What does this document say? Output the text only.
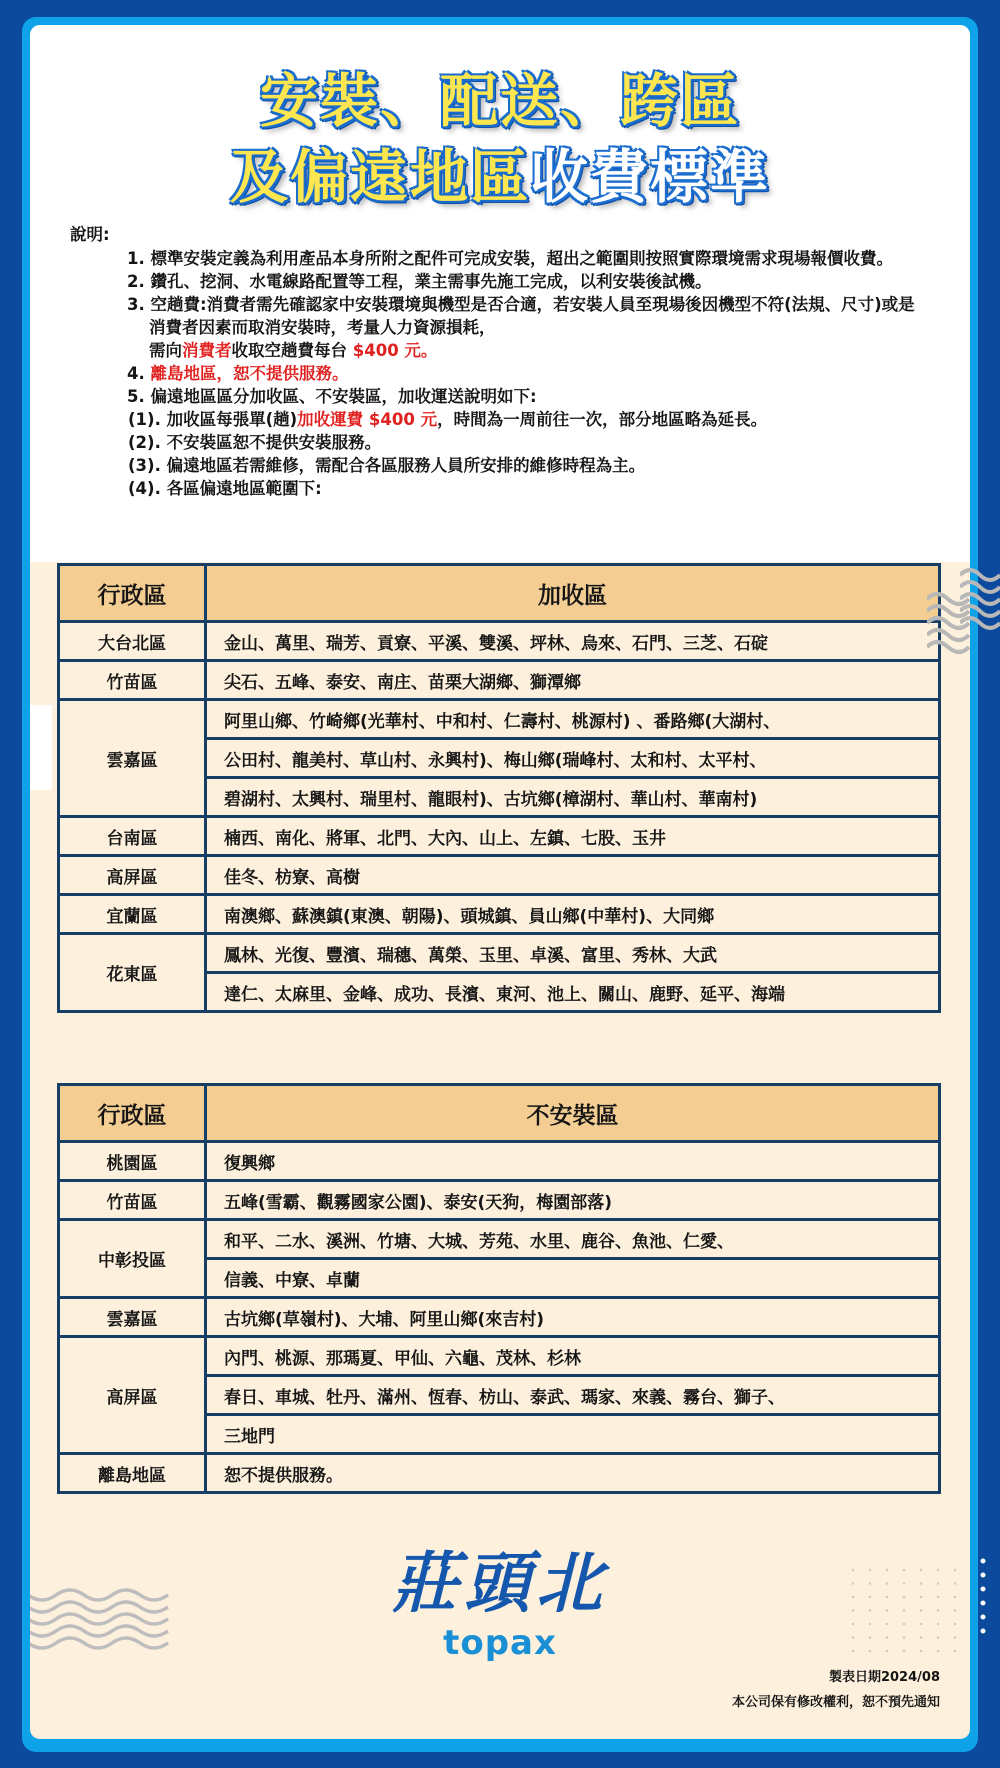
安裝、配送、跨區
及偏遠地區收費標準
說明:
1. 標準安裝定義為利用產品本身所附之配件可完成安裝，超出之範圍則按照實際環境需求現場報價收費。
2. 鑽孔、挖洞、水電線路配置等工程，業主需事先施工完成，以利安裝後試機。
3. 空趟費:消費者需先確認家中安裝環境與機型是否合適，若安裝人員至現場後因機型不符(法規、尺寸)或是消費者因素而取消安裝時，考量人力資源損耗，
需向消費者收取空趟費每台 $400 元。
4. 離島地區，恕不提供服務。
5. 偏遠地區區分加收區、不安裝區，加收運送說明如下:
(1). 加收區每張單(趟)加收運費 $400 元，時間為一周前往一次，部分地區略為延長。
(2). 不安裝區恕不提供安裝服務。
(3). 偏遠地區若需維修，需配合各區服務人員所安排的維修時程為主。
(4). 各區偏遠地區範圍下:
行政區	加收區
大台北區	金山、萬里、瑞芳、貢寮、平溪、雙溪、坪林、烏來、石門、三芝、石碇
竹苗區	尖石、五峰、泰安、南庄、苗栗大湖鄉、獅潭鄉
雲嘉區	阿里山鄉、竹崎鄉(光華村、中和村、仁壽村、桃源村) 、番路鄉(大湖村、
	公田村、龍美村、草山村、永興村)、梅山鄉(瑞峰村、太和村、太平村、
	碧湖村、太興村、瑞里村、龍眼村)、古坑鄉(樟湖村、華山村、華南村)
台南區	楠西、南化、將軍、北門、大內、山上、左鎮、七股、玉井
高屏區	佳冬、枋寮、高樹
宜蘭區	南澳鄉、蘇澳鎮(東澳、朝陽)、頭城鎮、員山鄉(中華村)、大同鄉
花東區	鳳林、光復、豐濱、瑞穗、萬榮、玉里、卓溪、富里、秀林、大武
	達仁、太麻里、金峰、成功、長濱、東河、池上、關山、鹿野、延平、海端
行政區	不安裝區
桃園區	復興鄉
竹苗區	五峰(雪霸、觀霧國家公園)、泰安(天狗，梅園部落)
中彰投區	和平、二水、溪洲、竹塘、大城、芳苑、水里、鹿谷、魚池、仁愛、
	信義、中寮、卓蘭
雲嘉區	古坑鄉(草嶺村)、大埔、阿里山鄉(來吉村)
高屏區	內門、桃源、那瑪夏、甲仙、六龜、茂林、杉林
	春日、車城、牡丹、滿州、恆春、枋山、泰武、瑪家、來義、霧台、獅子、
	三地門
離島地區	恕不提供服務。
莊頭北
topax
製表日期2024/08
本公司保有修改權利，恕不預先通知
